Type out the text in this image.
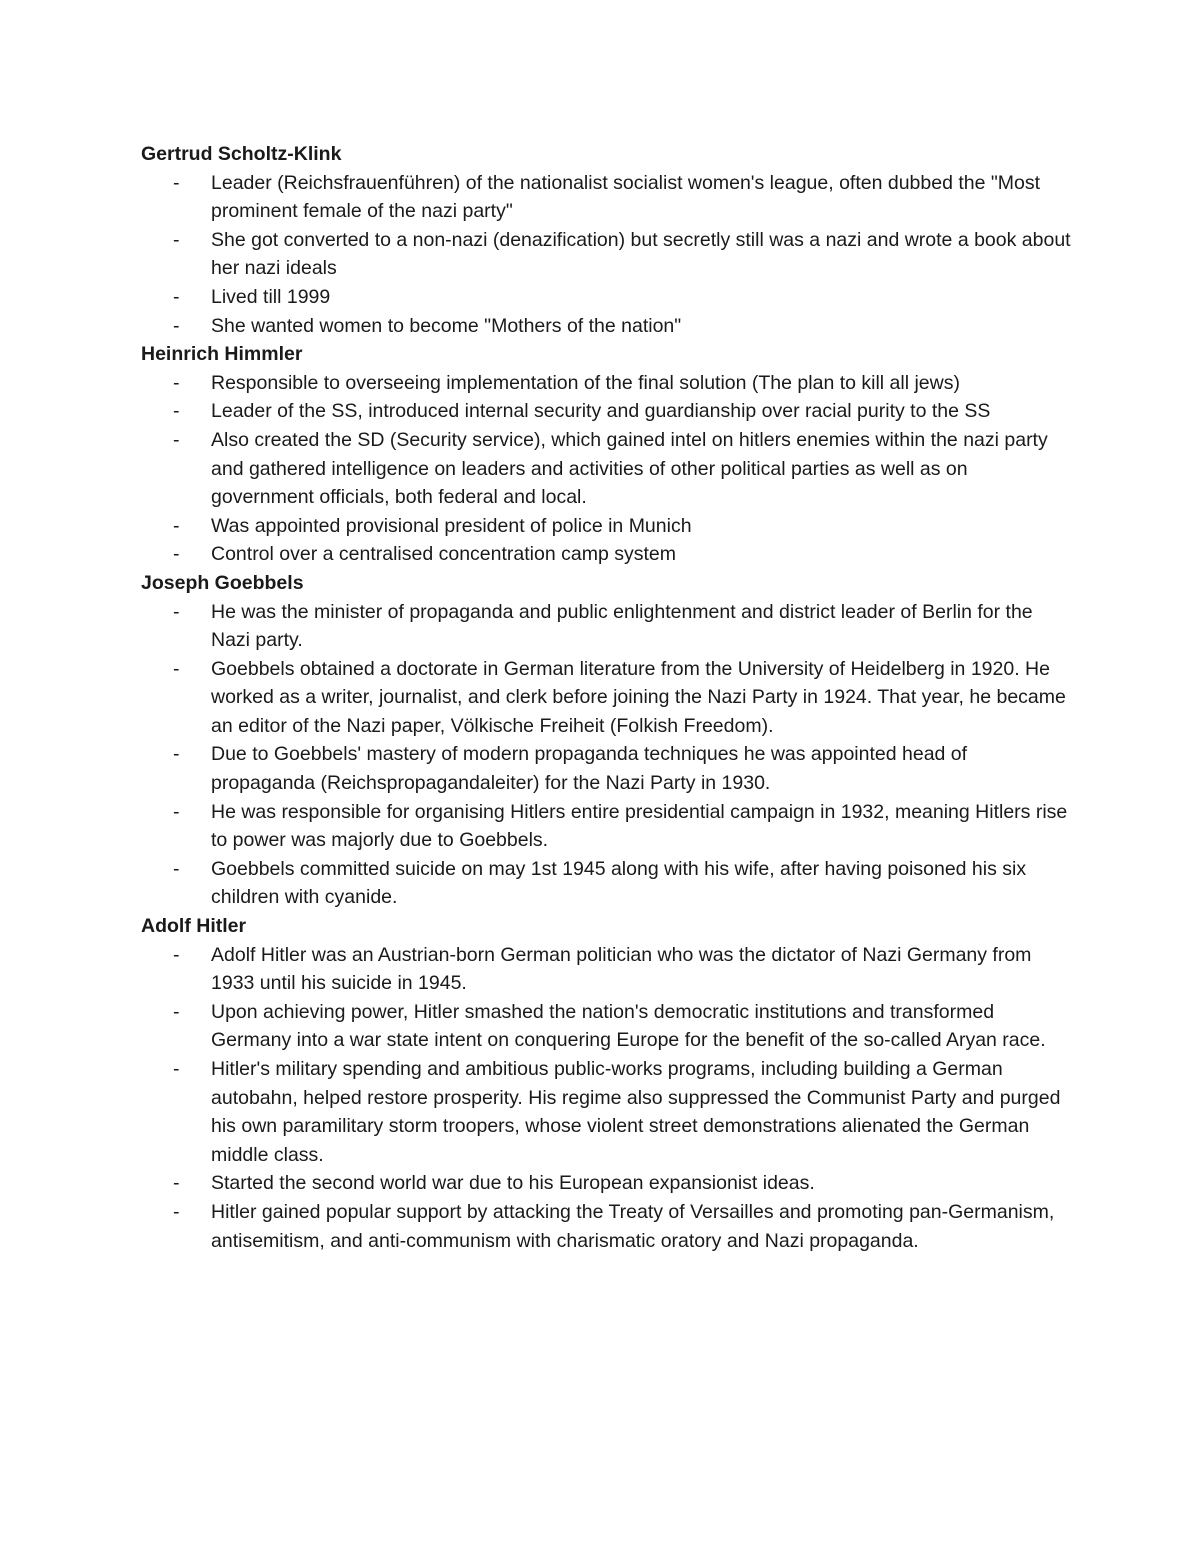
Gertrud Scholtz-Klink
- Leader (Reichsfrauenführen) of the nationalist socialist women's league, often dubbed the "Most prominent female of the nazi party"
- She got converted to a non-nazi (denazification) but secretly still was a nazi and wrote a book about her nazi ideals
- Lived till 1999
- She wanted women to become "Mothers of the nation"
Heinrich Himmler
- Responsible to overseeing implementation of the final solution (The plan to kill all jews)
- Leader of the SS, introduced internal security and guardianship over racial purity to the SS
- Also created the SD (Security service), which gained intel on hitlers enemies within the nazi party and gathered intelligence on leaders and activities of other political parties as well as on government officials, both federal and local.
- Was appointed provisional president of police in Munich
- Control over a centralised concentration camp system
Joseph Goebbels
- He was the minister of propaganda and public enlightenment and district leader of Berlin for the Nazi party.
- Goebbels obtained a doctorate in German literature from the University of Heidelberg in 1920. He worked as a writer, journalist, and clerk before joining the Nazi Party in 1924. That year, he became an editor of the Nazi paper, Völkische Freiheit (Folkish Freedom).
- Due to Goebbels' mastery of modern propaganda techniques he was appointed head of propaganda (Reichspropagandaleiter) for the Nazi Party in 1930.
- He was responsible for organising Hitlers entire presidential campaign in 1932, meaning Hitlers rise to power was majorly due to Goebbels.
- Goebbels committed suicide on may 1st 1945 along with his wife, after having poisoned his six children with cyanide.
Adolf Hitler
- Adolf Hitler was an Austrian-born German politician who was the dictator of Nazi Germany from 1933 until his suicide in 1945.
- Upon achieving power, Hitler smashed the nation's democratic institutions and transformed Germany into a war state intent on conquering Europe for the benefit of the so-called Aryan race.
- Hitler's military spending and ambitious public-works programs, including building a German autobahn, helped restore prosperity. His regime also suppressed the Communist Party and purged his own paramilitary storm troopers, whose violent street demonstrations alienated the German middle class.
- Started the second world war due to his European expansionist ideas.
- Hitler gained popular support by attacking the Treaty of Versailles and promoting pan-Germanism, antisemitism, and anti-communism with charismatic oratory and Nazi propaganda.
